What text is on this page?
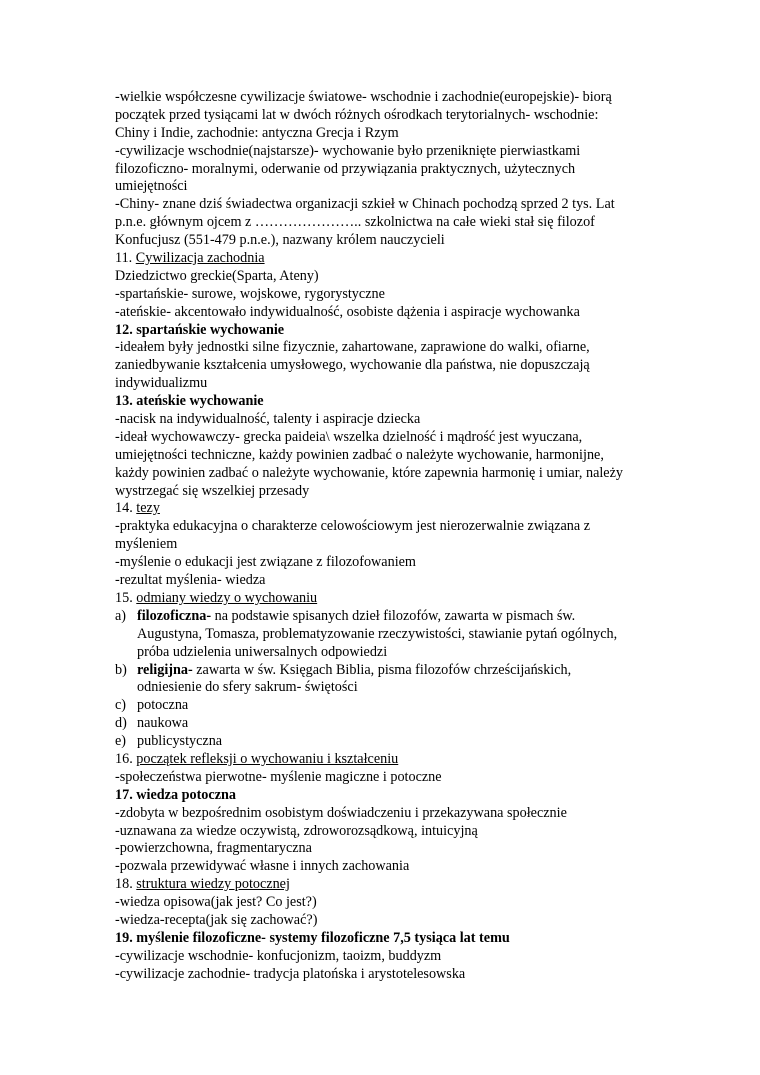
-wielkie współczesne cywilizacje światowe- wschodnie i zachodnie(europejskie)- biorą
początek przed tysiącami lat w dwóch różnych ośrodkach terytorialnych- wschodnie:
Chiny i Indie, zachodnie: antyczna Grecja i Rzym
-cywilizacje wschodnie(najstarsze)- wychowanie było przeniknięte pierwiastkami
filozoficzno- moralnymi, oderwanie od przywiązania praktycznych, użytecznych
umiejętności
-Chiny- znane dziś świadectwa organizacji szkieł w Chinach pochodzą sprzed 2 tys. Lat
p.n.e. głównym ojcem z ………………….. szkolnictwa na całe wieki stał się filozof
Konfucjusz (551-479 p.n.e.), nazwany królem nauczycieli
11. Cywilizacja zachodnia
Dziedzictwo greckie(Sparta, Ateny)
-spartańskie- surowe, wojskowe, rygorystyczne
-ateńskie- akcentowało indywidualność, osobiste dążenia i aspiracje wychowanka
12. spartańskie wychowanie
-ideałem były jednostki silne fizycznie, zahartowane, zaprawione do walki, ofiarne,
zaniedbywanie kształcenia umysłowego, wychowanie dla państwa, nie dopuszczają
indywidualizmu
13. ateńskie wychowanie
-nacisk na indywidualność, talenty i aspiracje dziecka
-ideał wychowawczy- grecka paideia\ wszelka dzielność i mądrość jest wyuczana,
umiejętności techniczne, każdy powinien zadbać o należyte wychowanie, harmonijne,
każdy powinien zadbać o należyte wychowanie, które zapewnia harmonię i umiar, należy
wystrzegać się wszelkiej przesady
14. tezy
-praktyka edukacyjna o charakterze celowościowym jest nierozerwalnie związana z
myśleniem
-myślenie o edukacji jest związane z filozofowaniem
-rezultat myślenia- wiedza
15. odmiany wiedzy o wychowaniu
a) filozoficzna- na podstawie spisanych dzieł filozofów, zawarta w pismach św.
Augustyna, Tomasza, problematyzowanie rzeczywistości, stawianie pytań ogólnych,
próba udzielenia uniwersalnych odpowiedzi
b) religijna- zawarta w św. Księgach Biblia, pisma filozofów chrześcijańskich,
odniesienie do sfery sakrum- świętości
c) potoczna
d) naukowa
e) publicystyczna
16. początek refleksji o wychowaniu i kształceniu
-społeczeństwa pierwotne- myślenie magiczne i potoczne
17. wiedza potoczna
-zdobyta w bezpośrednim osobistym doświadczeniu i przekazywana społecznie
-uznawana za wiedze oczywistą, zdroworozsądkową, intuicyjną
-powierzchowna, fragmentaryczna
-pozwala przewidywać własne i innych zachowania
18. struktura wiedzy potocznej
-wiedza opisowa(jak jest? Co jest?)
-wiedza-recepta(jak się zachować?)
19. myślenie filozoficzne- systemy filozoficzne 7,5 tysiąca lat temu
-cywilizacje wschodnie- konfucjonizm, taoizm, buddyzm
-cywilizacje zachodnie- tradycja platońska i arystotelesowska
